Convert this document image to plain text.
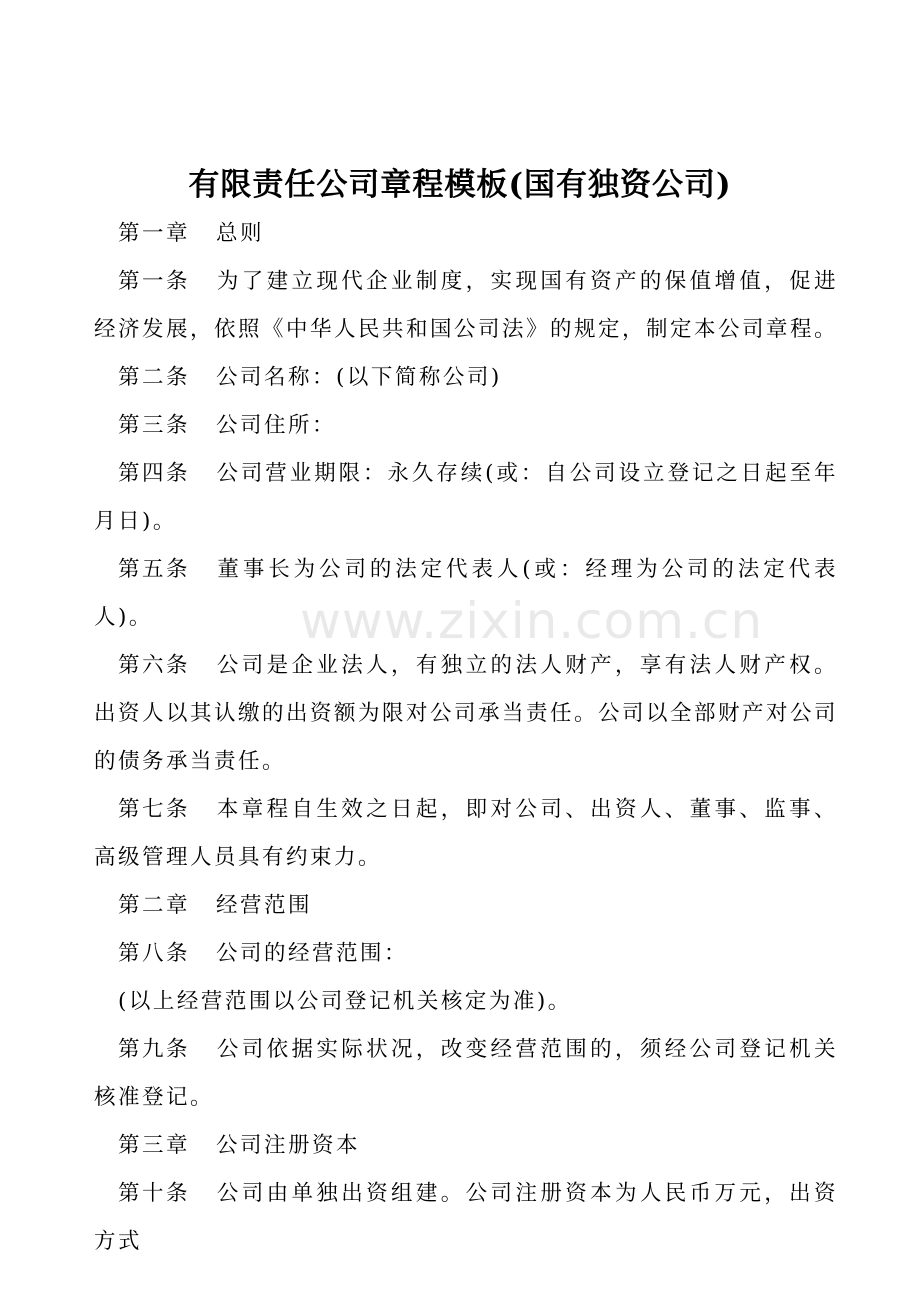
有限责任公司章程模板(国有独资公司)
www.zixin.com.cn

第一章 总则

第一条 为了建立现代企业制度，实现国有资产的保值增值，促进经济发展，依照《中华人民共和国公司法》的规定，制定本公司章程。

第二条 公司名称：(以下简称公司)

第三条 公司住所：

第四条 公司营业期限：永久存续(或：自公司设立登记之日起至年月日)。

第五条 董事长为公司的法定代表人(或：经理为公司的法定代表人)。

第六条 公司是企业法人，有独立的法人财产，享有法人财产权。出资人以其认缴的出资额为限对公司承当责任。公司以全部财产对公司的债务承当责任。

第七条 本章程自生效之日起，即对公司、出资人、董事、监事、高级管理人员具有约束力。

第二章 经营范围

第八条 公司的经营范围：

(以上经营范围以公司登记机关核定为准)。

第九条 公司依据实际状况，改变经营范围的，须经公司登记机关核准登记。

第三章 公司注册资本

第十条 公司由单独出资组建。公司注册资本为人民币万元，出资方式
